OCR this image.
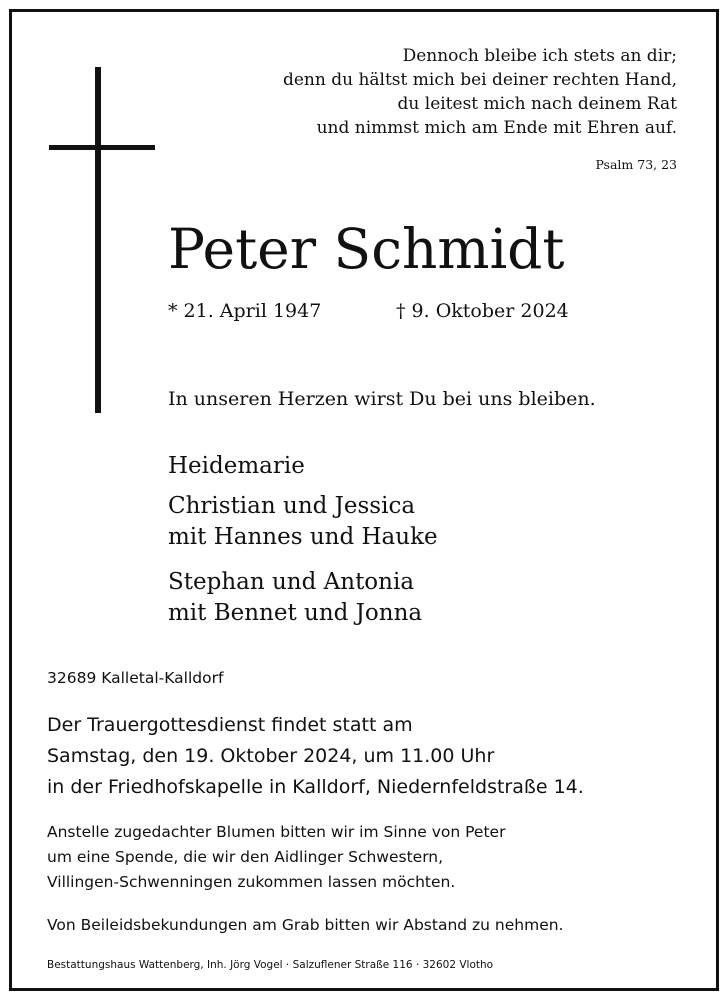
Dennoch bleibe ich stets an dir;
denn du hältst mich bei deiner rechten Hand,
du leitest mich nach deinem Rat
und nimmst mich am Ende mit Ehren auf.
Psalm 73, 23
Peter Schmidt
* 21. April 1947	† 9. Oktober 2024
In unseren Herzen wirst Du bei uns bleiben.
Heidemarie
Christian und Jessica
mit Hannes und Hauke
Stephan und Antonia
mit Bennet und Jonna
32689 Kalletal-Kalldorf
Der Trauergottesdienst findet statt am
Samstag, den 19. Oktober 2024, um 11.00 Uhr
in der Friedhofskapelle in Kalldorf, Niedernfeldstraße 14.
Anstelle zugedachter Blumen bitten wir im Sinne von Peter
um eine Spende, die wir den Aidlinger Schwestern,
Villingen-Schwenningen zukommen lassen möchten.
Von Beileidsbekundungen am Grab bitten wir Abstand zu nehmen.
Bestattungshaus Wattenberg, Inh. Jörg Vogel · Salzuflener Straße 116 · 32602 Vlotho
